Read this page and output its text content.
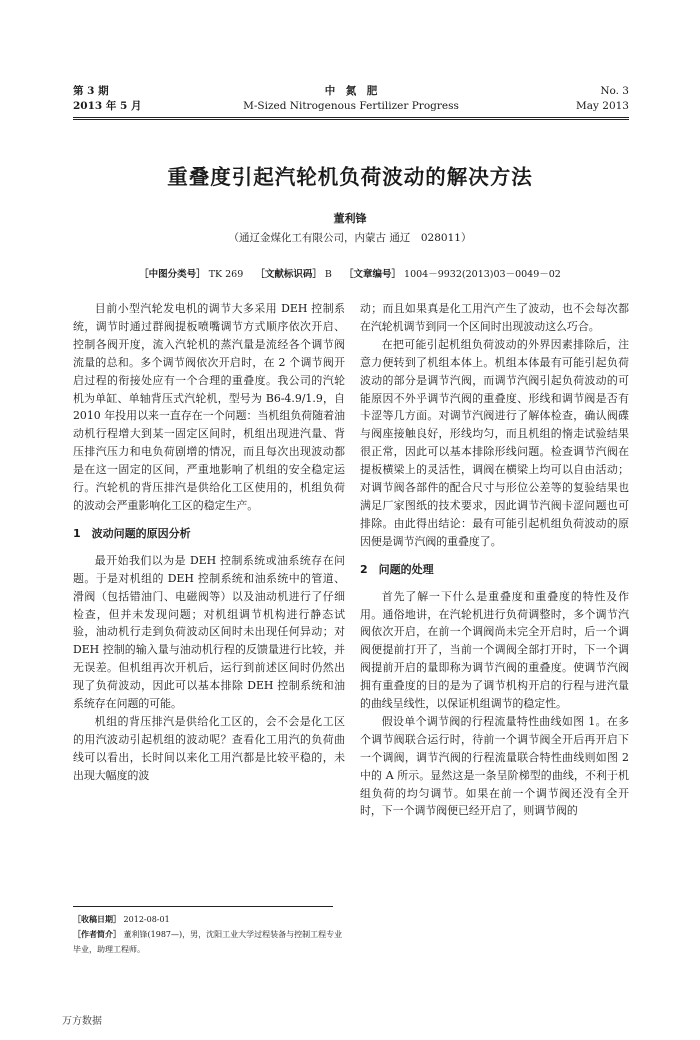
第 3 期
2013 年 5 月
中　氮　肥
M-Sized Nitrogenous Fertilizer Progress
No. 3
May 2013
重叠度引起汽轮机负荷波动的解决方法
董利锋
（通辽金煤化工有限公司，内蒙古 通辽　028011）
［中图分类号］ TK 269 ［文献标识码］ B ［文章编号］ 1004－9932(2013)03－0049－02

目前小型汽轮发电机的调节大多采用 DEH 控制系统，调节时通过群阀提板喷嘴调节方式顺序依次开启、控制各阀开度，流入汽轮机的蒸汽量是流经各个调节阀流量的总和。多个调节阀依次开启时，在 2 个调节阀开启过程的衔接处应有一个合理的重叠度。我公司的汽轮机为单缸、单轴背压式汽轮机，型号为 B6-4.9/1.9，自 2010 年投用以来一直存在一个问题：当机组负荷随着油动机行程增大到某一固定区间时，机组出现进汽量、背压排汽压力和电负荷剧增的情况，而且每次出现波动都是在这一固定的区间，严重地影响了机组的安全稳定运行。汽轮机的背压排汽是供给化工区使用的，机组负荷的波动会严重影响化工区的稳定生产。

1　波动问题的原因分析

最开始我们以为是 DEH 控制系统或油系统存在问题。于是对机组的 DEH 控制系统和油系统中的管道、滑阀（包括错油门、电磁阀等）以及油动机进行了仔细检查，但并未发现问题；对机组调节机构进行静态试验，油动机行走到负荷波动区间时未出现任何异动；对 DEH 控制的输入量与油动机行程的反馈量进行比较，并无误差。但机组再次开机后，运行到前述区间时仍然出现了负荷波动，因此可以基本排除 DEH 控制系统和油系统存在问题的可能。

机组的背压排汽是供给化工区的，会不会是化工区的用汽波动引起机组的波动呢？查看化工用汽的负荷曲线可以看出，长时间以来化工用汽都是比较平稳的，未出现大幅度的波

动；而且如果真是化工用汽产生了波动，也不会每次都在汽轮机调节到同一个区间时出现波动这么巧合。

在把可能引起机组负荷波动的外界因素排除后，注意力便转到了机组本体上。机组本体最有可能引起负荷波动的部分是调节汽阀，而调节汽阀引起负荷波动的可能原因不外乎调节汽阀的重叠度、形线和调节阀是否有卡涩等几方面。对调节汽阀进行了解体检查，确认阀碟与阀座接触良好，形线均匀，而且机组的惰走试验结果很正常，因此可以基本排除形线问题。检查调节汽阀在提板横梁上的灵活性，调阀在横梁上均可以自由活动；对调节阀各部件的配合尺寸与形位公差等的复验结果也满足厂家图纸的技术要求，因此调节汽阀卡涩问题也可排除。由此得出结论：最有可能引起机组负荷波动的原因便是调节汽阀的重叠度了。

2　问题的处理

首先了解一下什么是重叠度和重叠度的特性及作用。通俗地讲，在汽轮机进行负荷调整时，多个调节汽阀依次开启，在前一个调阀尚未完全开启时，后一个调阀便提前打开了，当前一个调阀全部打开时，下一个调阀提前开启的量即称为调节汽阀的重叠度。使调节汽阀拥有重叠度的目的是为了调节机构开启的行程与进汽量的曲线呈线性，以保证机组调节的稳定性。

假设单个调节阀的行程流量特性曲线如图 1。在多个调节阀联合运行时，待前一个调节阀全开后再开启下一个调阀，调节汽阀的行程流量联合特性曲线则如图 2 中的 A 所示。显然这是一条呈阶梯型的曲线，不利于机组负荷的均匀调节。如果在前一个调节阀还没有全开时，下一个调节阀便已经开启了，则调节阀的

［收稿日期］ 2012-08-01
［作者简介］ 董利锋(1987—)，男，沈阳工业大学过程装备与控制工程专业毕业，助理工程师。
万方数据
